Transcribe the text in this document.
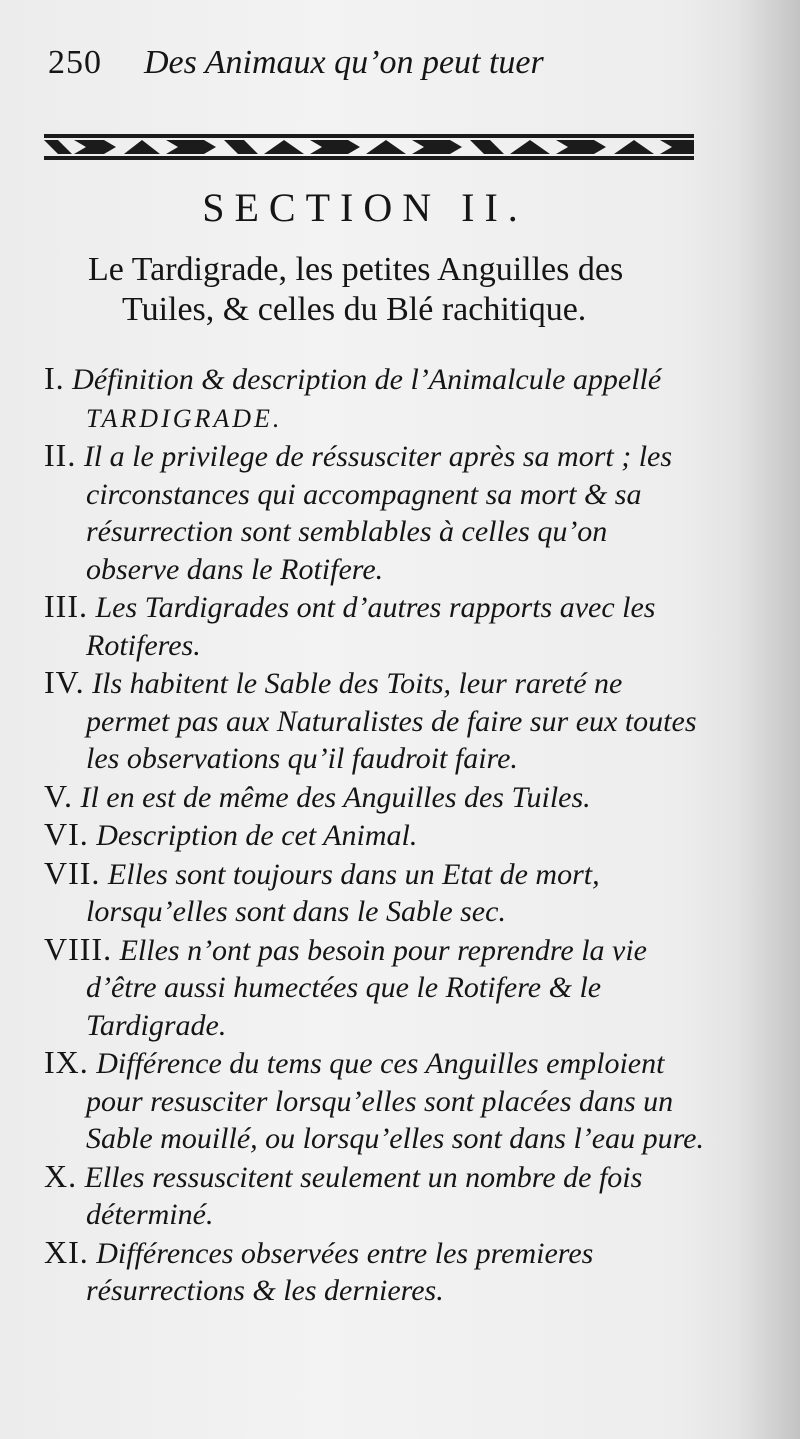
250 Des Animaux qu’on peut tuer
SECTION II.
Le Tardigrade, les petites Anguilles des
Tuiles, & celles du Blé rachitique.
I. Définition & description de l’Animalcule appellé TARDIGRADE.
II. Il a le privilege de réssusciter après sa mort ; les circonstances qui accompagnent sa mort & sa résurrection sont semblables à celles qu’on observe dans le Rotifere.
III. Les Tardigrades ont d’autres rapports avec les Rotiferes.
IV. Ils habitent le Sable des Toits, leur rareté ne permet pas aux Naturalistes de faire sur eux toutes les observations qu’il faudroit faire.
V. Il en est de même des Anguilles des Tuiles.
VI. Description de cet Animal.
VII. Elles sont toujours dans un Etat de mort, lorsqu’elles sont dans le Sable sec.
VIII. Elles n’ont pas besoin pour reprendre la vie d’être aussi humectées que le Rotifere & le Tardigrade.
IX. Différence du tems que ces Anguilles emploient pour resusciter lorsqu’elles sont placées dans un Sable mouillé, ou lorsqu’elles sont dans l’eau pure.
X. Elles ressuscitent seulement un nombre de fois déterminé.
XI. Différences observées entre les premieres résurrections & les dernieres.
